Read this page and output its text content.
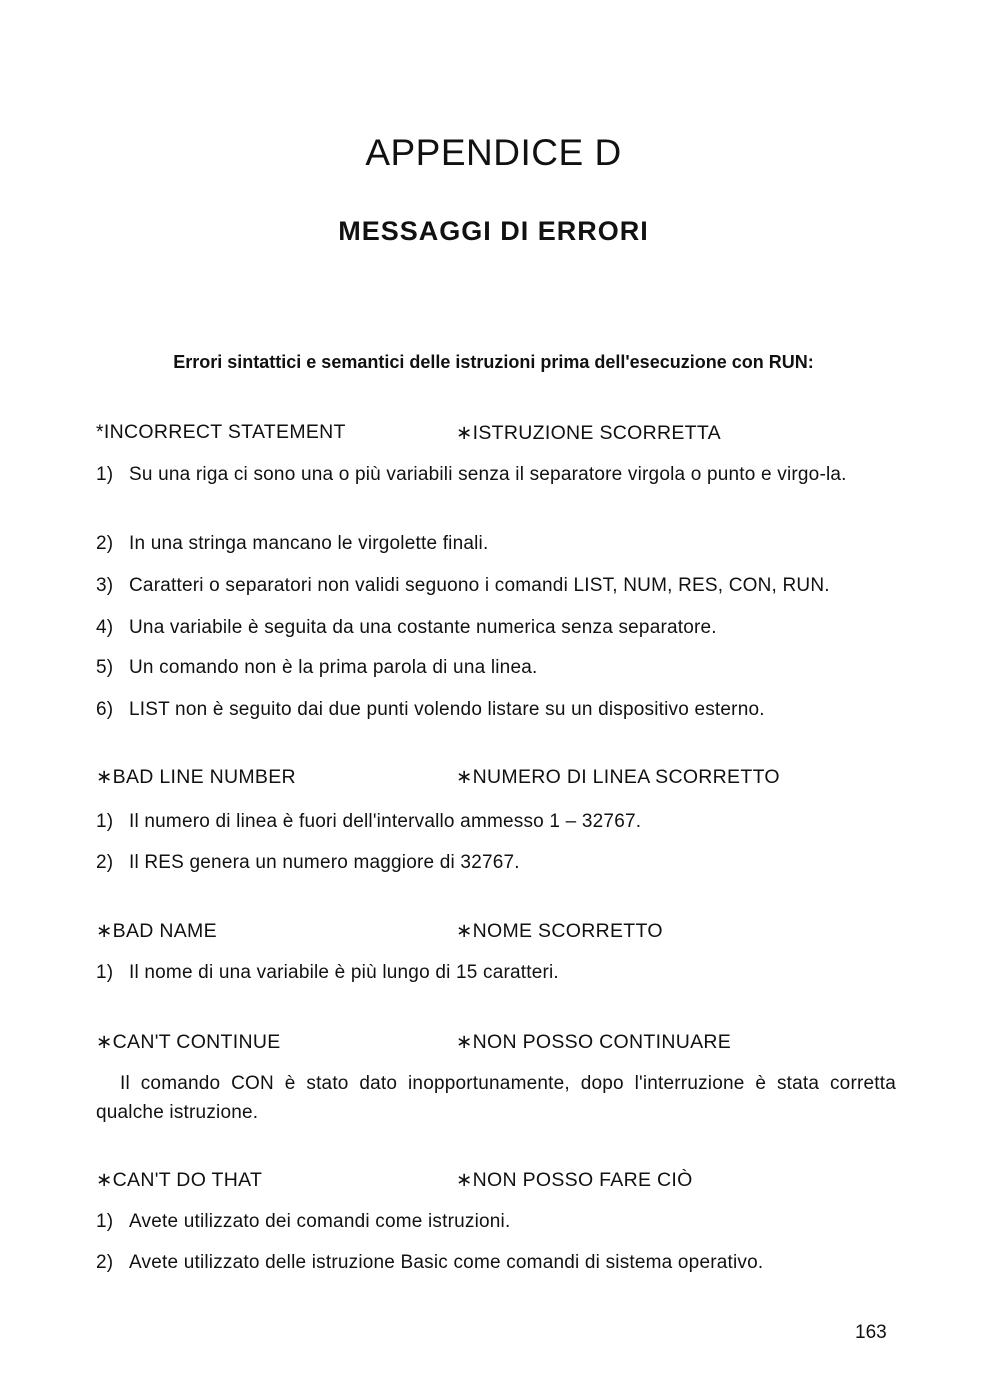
APPENDICE D
MESSAGGI DI ERRORI

Errori sintattici e semantici delle istruzioni prima dell'esecuzione con RUN:

*INCORRECT STATEMENT	∗ISTRUZIONE SCORRETTA
1) Su una riga ci sono una o più variabili senza il separatore virgola o punto e virgo-la.
2) In una stringa mancano le virgolette finali.
3) Caratteri o separatori non validi seguono i comandi LIST, NUM, RES, CON, RUN.
4) Una variabile è seguita da una costante numerica senza separatore.
5) Un comando non è la prima parola di una linea.
6) LIST non è seguito dai due punti volendo listare su un dispositivo esterno.
∗BAD LINE NUMBER	∗NUMERO DI LINEA SCORRETTO
1) Il numero di linea è fuori dell'intervallo ammesso 1 – 32767.
2) Il RES genera un numero maggiore di 32767.
∗BAD NAME	∗NOME SCORRETTO
1) Il nome di una variabile è più lungo di 15 caratteri.
∗CAN'T CONTINUE	∗NON POSSO CONTINUARE

Il comando CON è stato dato inopportunamente, dopo l'interruzione è stata corretta qualche istruzione.

∗CAN'T DO THAT	∗NON POSSO FARE CIÒ
1) Avete utilizzato dei comandi come istruzioni.
2) Avete utilizzato delle istruzione Basic come comandi di sistema operativo.
163
